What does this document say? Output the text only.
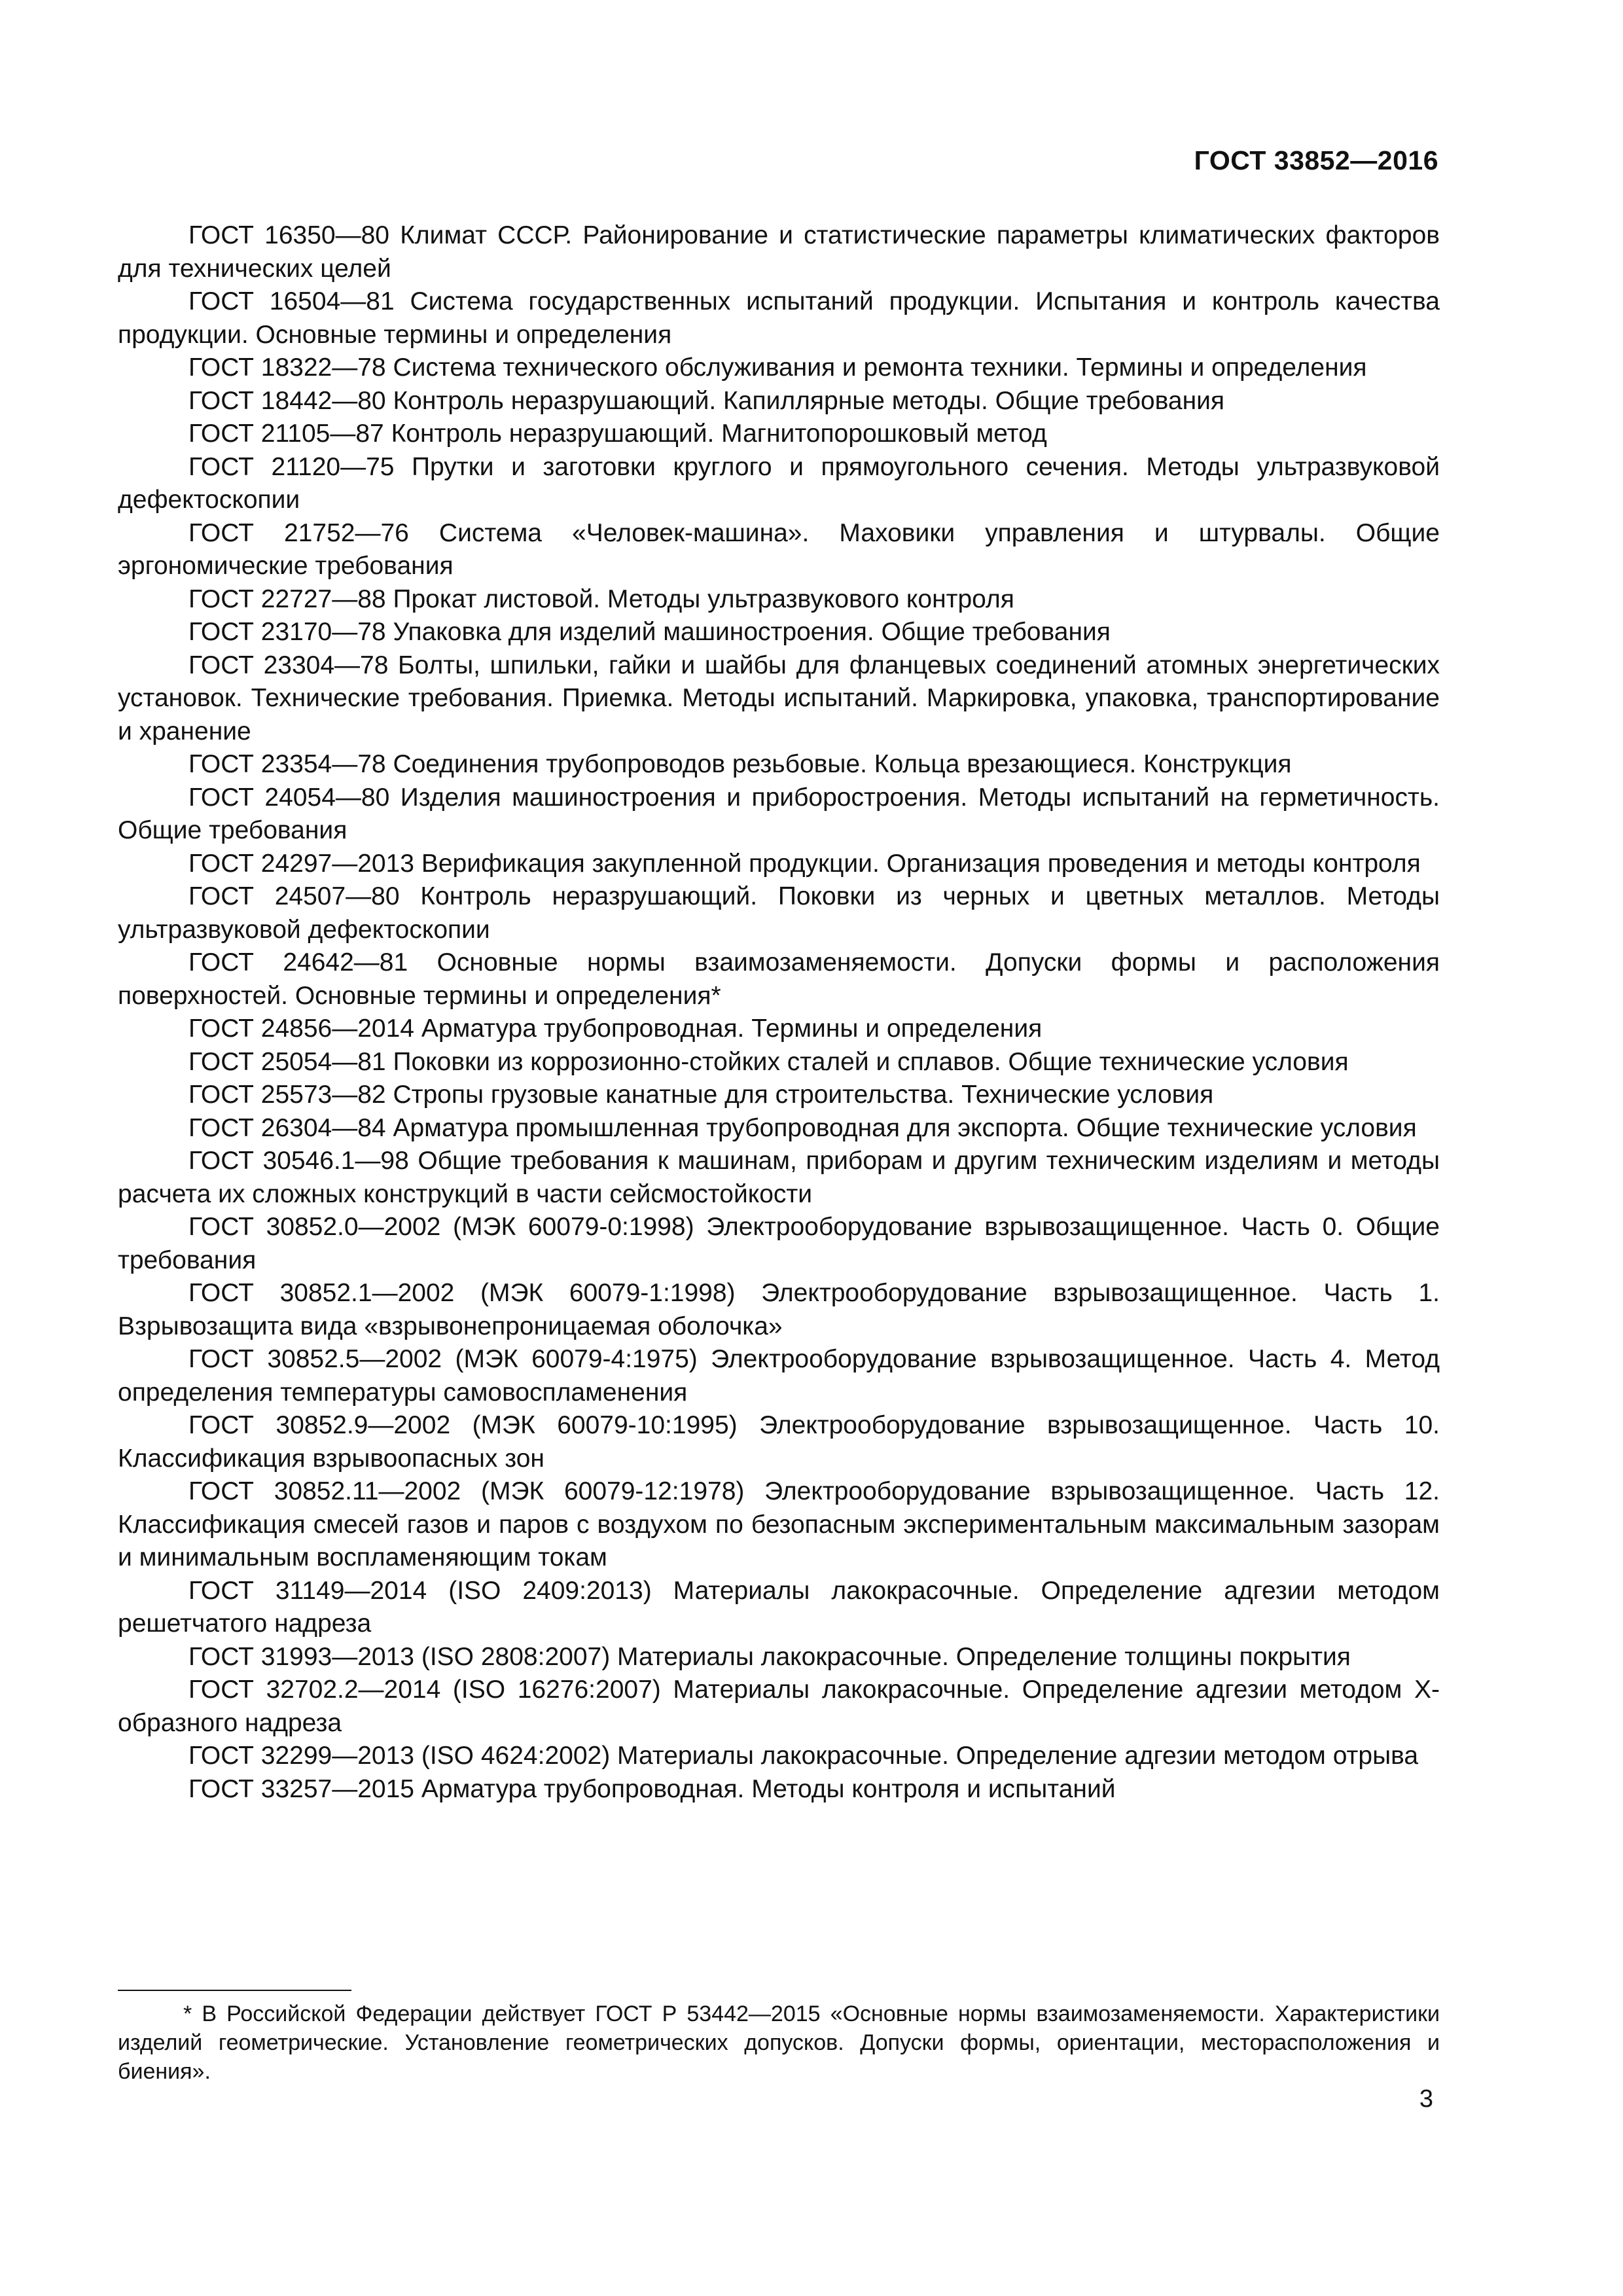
ГОСТ 33852—2016

ГОСТ 16350—80 Климат СССР. Районирование и статистические параметры климатических факторов для технических целей

ГОСТ 16504—81 Система государственных испытаний продукции. Испытания и контроль качества продукции. Основные термины и определения

ГОСТ 18322—78 Система технического обслуживания и ремонта техники. Термины и определения

ГОСТ 18442—80 Контроль неразрушающий. Капиллярные методы. Общие требования

ГОСТ 21105—87 Контроль неразрушающий. Магнитопорошковый метод

ГОСТ 21120—75 Прутки и заготовки круглого и прямоугольного сечения. Методы ультразвуковой дефектоскопии

ГОСТ 21752—76 Система «Человек-машина». Маховики управления и штурвалы. Общие эргономические требования

ГОСТ 22727—88 Прокат листовой. Методы ультразвукового контроля

ГОСТ 23170—78 Упаковка для изделий машиностроения. Общие требования

ГОСТ 23304—78 Болты, шпильки, гайки и шайбы для фланцевых соединений атомных энергетических установок. Технические требования. Приемка. Методы испытаний. Маркировка, упаковка, транспортирование и хранение

ГОСТ 23354—78 Соединения трубопроводов резьбовые. Кольца врезающиеся. Конструкция

ГОСТ 24054—80 Изделия машиностроения и приборостроения. Методы испытаний на герметичность. Общие требования

ГОСТ 24297—2013 Верификация закупленной продукции. Организация проведения и методы контроля

ГОСТ 24507—80 Контроль неразрушающий. Поковки из черных и цветных металлов. Методы ультразвуковой дефектоскопии

ГОСТ 24642—81 Основные нормы взаимозаменяемости. Допуски формы и расположения поверхностей. Основные термины и определения*

ГОСТ 24856—2014 Арматура трубопроводная. Термины и определения

ГОСТ 25054—81 Поковки из коррозионно-стойких сталей и сплавов. Общие технические условия

ГОСТ 25573—82 Стропы грузовые канатные для строительства. Технические условия

ГОСТ 26304—84 Арматура промышленная трубопроводная для экспорта. Общие технические условия

ГОСТ 30546.1—98 Общие требования к машинам, приборам и другим техническим изделиям и методы расчета их сложных конструкций в части сейсмостойкости

ГОСТ 30852.0—2002 (МЭК 60079-0:1998) Электрооборудование взрывозащищенное. Часть 0. Общие требования

ГОСТ 30852.1—2002 (МЭК 60079-1:1998) Электрооборудование взрывозащищенное. Часть 1. Взрывозащита вида «взрывонепроницаемая оболочка»

ГОСТ 30852.5—2002 (МЭК 60079-4:1975) Электрооборудование взрывозащищенное. Часть 4. Метод определения температуры самовоспламенения

ГОСТ 30852.9—2002 (МЭК 60079-10:1995) Электрооборудование взрывозащищенное. Часть 10. Классификация взрывоопасных зон

ГОСТ 30852.11—2002 (МЭК 60079-12:1978) Электрооборудование взрывозащищенное. Часть 12. Классификация смесей газов и паров с воздухом по безопасным экспериментальным максимальным зазорам и минимальным воспламеняющим токам

ГОСТ 31149—2014 (ISO 2409:2013) Материалы лакокрасочные. Определение адгезии методом решетчатого надреза

ГОСТ 31993—2013 (ISO 2808:2007) Материалы лакокрасочные. Определение толщины покрытия

ГОСТ 32702.2—2014 (ISO 16276:2007) Материалы лакокрасочные. Определение адгезии методом Х-образного надреза

ГОСТ 32299—2013 (ISO 4624:2002) Материалы лакокрасочные. Определение адгезии методом отрыва

ГОСТ 33257—2015 Арматура трубопроводная. Методы контроля и испытаний

* В Российской Федерации действует ГОСТ Р 53442—2015 «Основные нормы взаимозаменяемости. Характеристики изделий геометрические. Установление геометрических допусков. Допуски формы, ориентации, месторасположения и биения».

3
